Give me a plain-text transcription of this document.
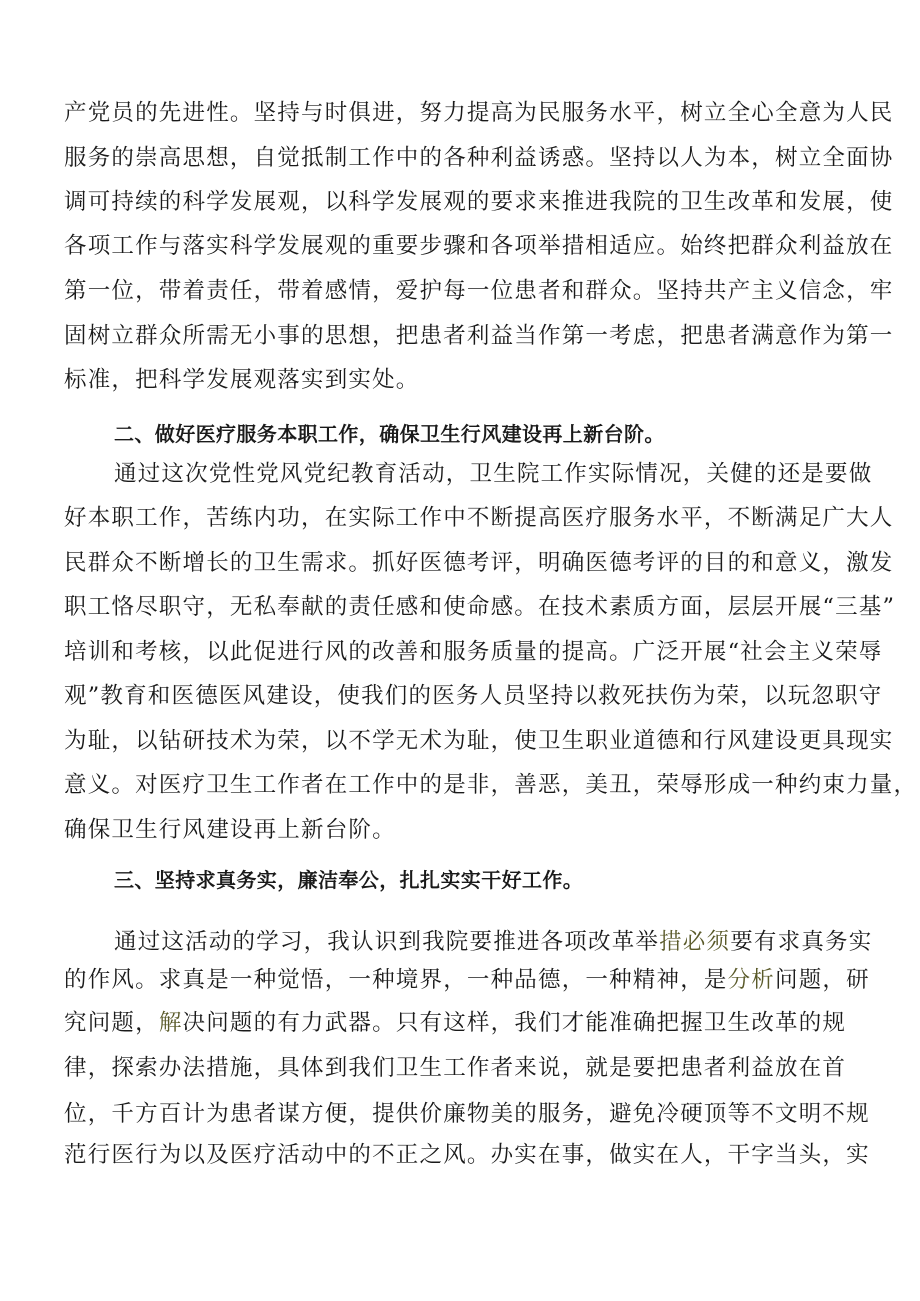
产党员的先进性。坚持与时俱进，努力提高为民服务水平，树立全心全意为人民
服务的崇高思想，自觉抵制工作中的各种利益诱惑。坚持以人为本，树立全面协
调可持续的科学发展观，以科学发展观的要求来推进我院的卫生改革和发展，使
各项工作与落实科学发展观的重要步骤和各项举措相适应。始终把群众利益放在
第一位，带着责任，带着感情，爱护每一位患者和群众。坚持共产主义信念，牢
固树立群众所需无小事的思想，把患者利益当作第一考虑，把患者满意作为第一
标准，把科学发展观落实到实处。
二、做好医疗服务本职工作，确保卫生行风建设再上新台阶。
通过这次党性党风党纪教育活动，卫生院工作实际情况，关健的还是要做
好本职工作，苦练内功，在实际工作中不断提高医疗服务水平，不断满足广大人
民群众不断增长的卫生需求。抓好医德考评，明确医德考评的目的和意义，激发
职工恪尽职守，无私奉献的责任感和使命感。在技术素质方面，层层开展“三基”
培训和考核，以此促进行风的改善和服务质量的提高。广泛开展“社会主义荣辱
观”教育和医德医风建设，使我们的医务人员坚持以救死扶伤为荣，以玩忽职守
为耻，以钻研技术为荣，以不学无术为耻，使卫生职业道德和行风建设更具现实
意义。对医疗卫生工作者在工作中的是非，善恶，美丑，荣辱形成一种约束力量，
确保卫生行风建设再上新台阶。
三、坚持求真务实，廉洁奉公，扎扎实实干好工作。
通过这活动的学习，我认识到我院要推进各项改革举措必须要有求真务实
的作风。求真是一种觉悟，一种境界，一种品德，一种精神，是分析问题，研
究问题，解决问题的有力武器。只有这样，我们才能准确把握卫生改革的规
律，探索办法措施，具体到我们卫生工作者来说，就是要把患者利益放在首
位，千方百计为患者谋方便，提供价廉物美的服务，避免冷硬顶等不文明不规
范行医行为以及医疗活动中的不正之风。办实在事，做实在人，干字当头，实
